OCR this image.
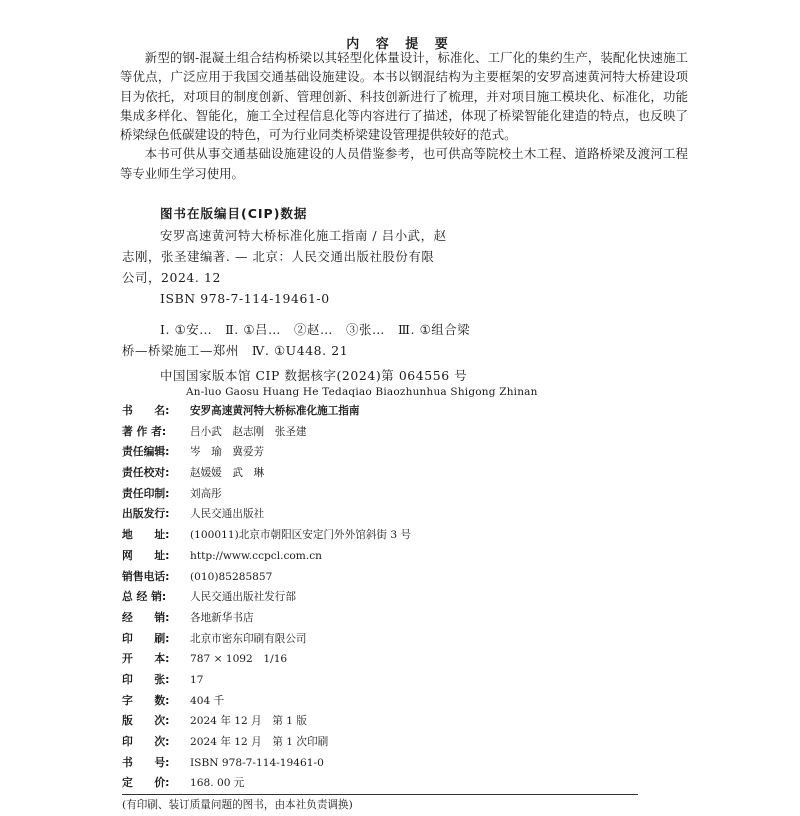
内 容 提 要

新型的钢-混凝土组合结构桥梁以其轻型化体量设计，标准化、工厂化的集约生产，装配化快速施工等优点，广泛应用于我国交通基础设施建设。本书以钢混结构为主要框架的安罗高速黄河特大桥建设项目为依托，对项目的制度创新、管理创新、科技创新进行了梳理，并对项目施工模块化、标准化，功能集成多样化、智能化，施工全过程信息化等内容进行了描述，体现了桥梁智能化建造的特点，也反映了桥梁绿色低碳建设的特色，可为行业同类桥梁建设管理提供较好的范式。

本书可供从事交通基础设施建设的人员借鉴参考，也可供高等院校土木工程、道路桥梁及渡河工程等专业师生学习使用。

图书在版编目(CIP)数据
安罗高速黄河特大桥标准化施工指南 / 吕小武，赵
志刚，张圣建编著. — 北京：人民交通出版社股份有限
公司，2024. 12
ISBN 978-7-114-19461-0
Ⅰ. ①安…　Ⅱ. ①吕…　②赵…　③张…　Ⅲ. ①组合梁
桥—桥梁施工—郑州　Ⅳ. ①U448. 21
中国国家版本馆 CIP 数据核字(2024)第 064556 号
An-luo Gaosu Huang He Tedaqiao Biaozhunhua Shigong Zhinan
书　　名:	安罗高速黄河特大桥标准化施工指南
著 作 者:	吕小武　赵志刚　张圣建
责任编辑:	岑　瑜　冀爱芳
责任校对:	赵媛媛　武　琳
责任印制:	刘高彤
出版发行:	人民交通出版社
地　　址:	(100011)北京市朝阳区安定门外外馆斜街 3 号
网　　址:	http://www.ccpcl.com.cn
销售电话:	(010)85285857
总 经 销:	人民交通出版社发行部
经　　销:	各地新华书店
印　　刷:	北京市密东印刷有限公司
开　　本:	787 × 1092　1/16
印　　张:	17
字　　数:	404 千
版　　次:	2024 年 12 月　第 1 版
印　　次:	2024 年 12 月　第 1 次印刷
书　　号:	ISBN 978-7-114-19461-0
定　　价:	168. 00 元
(有印刷、装订质量问题的图书，由本社负责调换)
